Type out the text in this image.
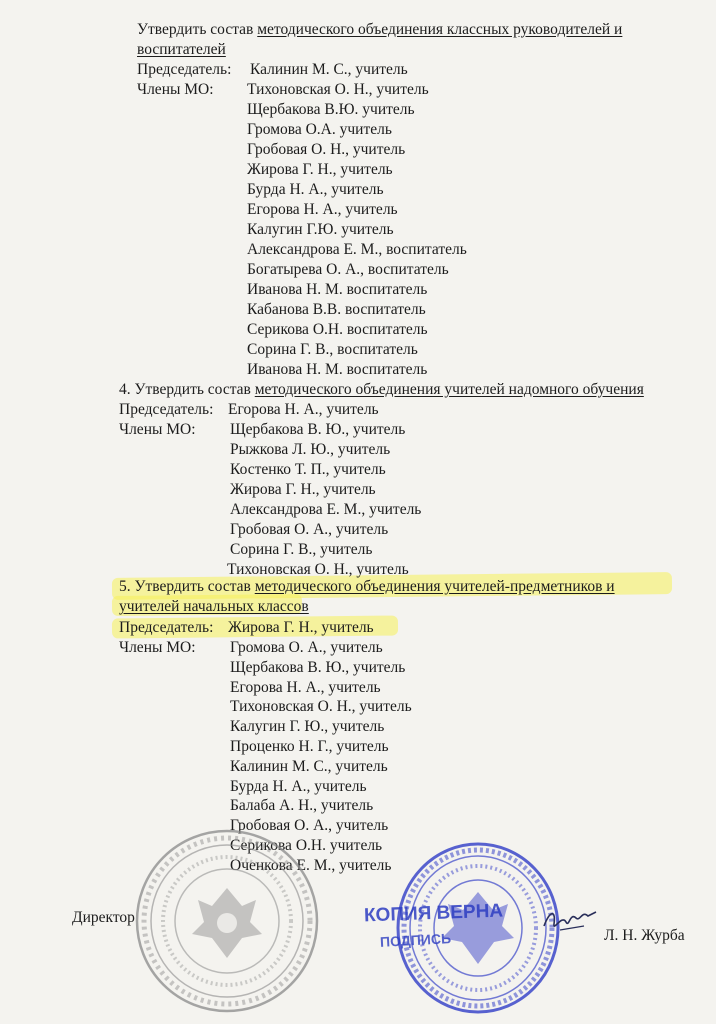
Утвердить состав методического объединения классных руководителей и
воспитателей
Председатель: Калинин М. С., учитель
Члены МО: Тихоновская О. Н., учитель
Щербакова В.Ю. учитель
Громова О.А. учитель
Гробовая О. Н., учитель
Жирова Г. Н., учитель
Бурда Н. А., учитель
Егорова Н. А., учитель
Калугин Г.Ю. учитель
Александрова Е. М., воспитатель
Богатырева О. А., воспитатель
Иванова Н. М. воспитатель
Кабанова В.В. воспитатель
Серикова О.Н. воспитатель
Сорина Г. В., воспитатель
Иванова Н. М. воспитатель
4. Утвердить состав методического объединения учителей надомного обучения
Председатель: Егорова Н. А., учитель
Члены МО: Щербакова В. Ю., учитель
Рыжкова Л. Ю., учитель
Костенко Т. П., учитель
Жирова Г. Н., учитель
Александрова Е. М., учитель
Гробовая О. А., учитель
Сорина Г. В., учитель
Тихоновская О. Н., учитель
5. Утвердить состав методического объединения учителей-предметников и
учителей начальных классов
Председатель: Жирова Г. Н., учитель
Члены МО: Громова О. А., учитель
Щербакова В. Ю., учитель
Егорова Н. А., учитель
Тихоновская О. Н., учитель
Калугин Г. Ю., учитель
Проценко Н. Г., учитель
Калинин М. С., учитель
Бурда Н. А., учитель
Балаба А. Н., учитель
Гробовая О. А., учитель
Серикова О.Н. учитель
Оченкова Е. М., учитель
КОПИЯ ВЕРНА
ПОДПИСЬ
Директор
Л. Н. Журба
